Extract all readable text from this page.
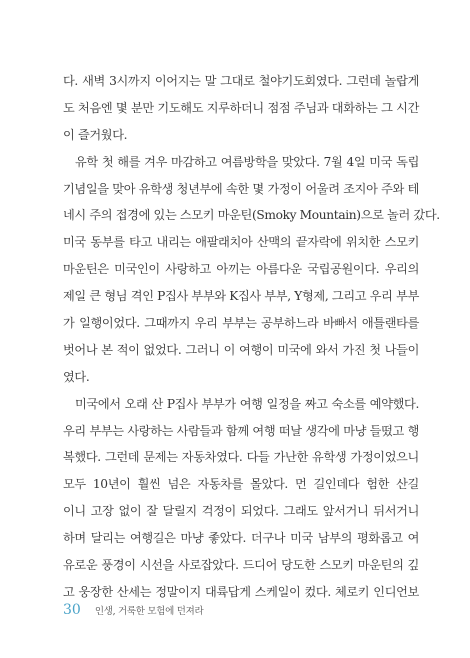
다. 새벽 3시까지 이어지는 말 그대로 철야기도회였다. 그런데 놀랍게
도 처음엔 몇 분만 기도해도 지루하더니 점점 주님과 대화하는 그 시간
이 즐거웠다.
유학 첫 해를 겨우 마감하고 여름방학을 맞았다. 7월 4일 미국 독립
기념일을 맞아 유학생 청년부에 속한 몇 가정이 어울려 조지아 주와 테
네시 주의 접경에 있는 스모키 마운틴(Smoky Mountain)으로 놀러 갔다.
미국 동부를 타고 내리는 애팔래치아 산맥의 끝자락에 위치한 스모키
마운틴은 미국인이 사랑하고 아끼는 아름다운 국립공원이다. 우리의
제일 큰 형님 격인 P집사 부부와 K집사 부부, Y형제, 그리고 우리 부부
가 일행이었다. 그때까지 우리 부부는 공부하느라 바빠서 애틀랜타를
벗어나 본 적이 없었다. 그러니 이 여행이 미국에 와서 가진 첫 나들이
였다.
미국에서 오래 산 P집사 부부가 여행 일정을 짜고 숙소를 예약했다.
우리 부부는 사랑하는 사람들과 함께 여행 떠날 생각에 마냥 들떴고 행
복했다. 그런데 문제는 자동차였다. 다들 가난한 유학생 가정이었으니
모두 10년이 훨씬 넘은 자동차를 몰았다. 먼 길인데다 험한 산길
이니 고장 없이 잘 달릴지 걱정이 되었다. 그래도 앞서거니 뒤서거니
하며 달리는 여행길은 마냥 좋았다. 더구나 미국 남부의 평화롭고 여
유로운 풍경이 시선을 사로잡았다. 드디어 당도한 스모키 마운틴의 깊
고 웅장한 산세는 정말이지 대륙답게 스케일이 컸다. 체로키 인디언보
30 인생, 거룩한 모험에 던져라
